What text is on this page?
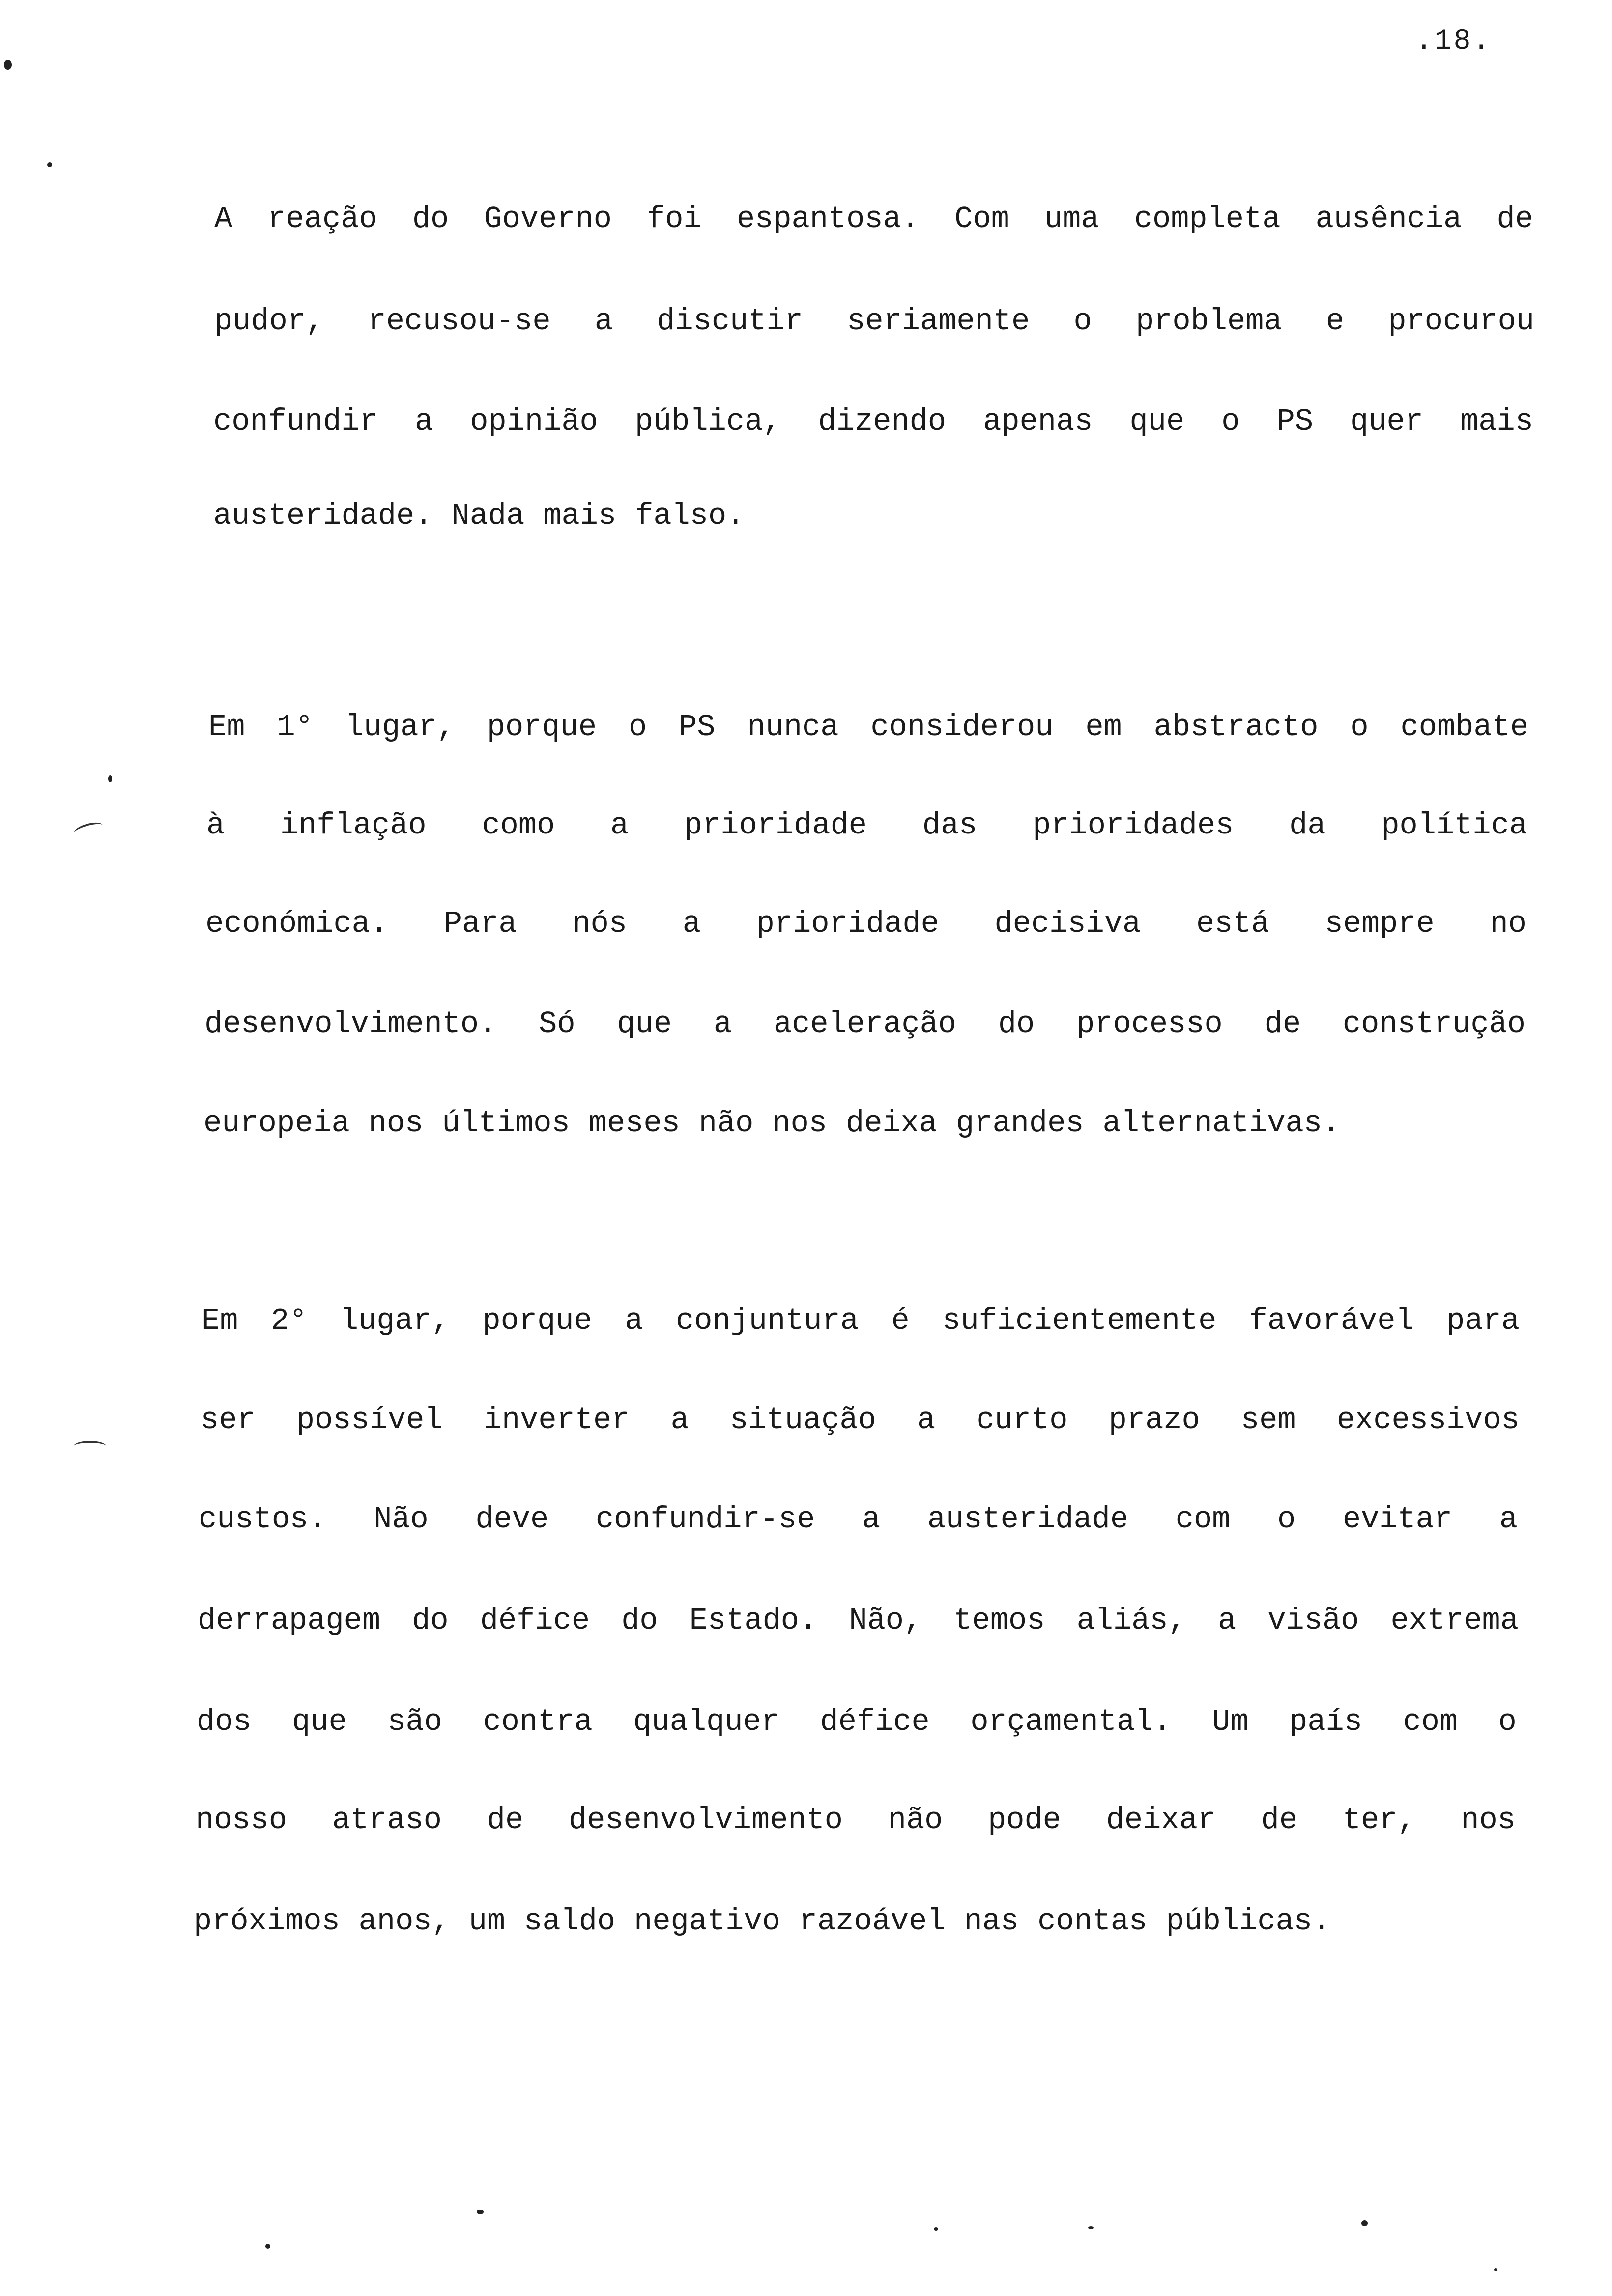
.18.
A reação do Governo foi espantosa. Com uma completa ausência de
pudor, recusou-se a discutir seriamente o problema e procurou
confundir a opinião pública, dizendo apenas que o PS quer mais
austeridade. Nada mais falso.
Em 1° lugar, porque o PS nunca considerou em abstracto o combate
à inflação como a prioridade das prioridades da política
económica. Para nós a prioridade decisiva está sempre no
desenvolvimento. Só que a aceleração do processo de construção
europeia nos últimos meses não nos deixa grandes alternativas.
Em 2° lugar, porque a conjuntura é suficientemente favorável para
ser possível inverter a situação a curto prazo sem excessivos
custos. Não deve confundir-se a austeridade com o evitar a
derrapagem do défice do Estado. Não, temos aliás, a visão extrema
dos que são contra qualquer défice orçamental. Um país com o
nosso atraso de desenvolvimento não pode deixar de ter, nos
próximos anos, um saldo negativo razoável nas contas públicas.
